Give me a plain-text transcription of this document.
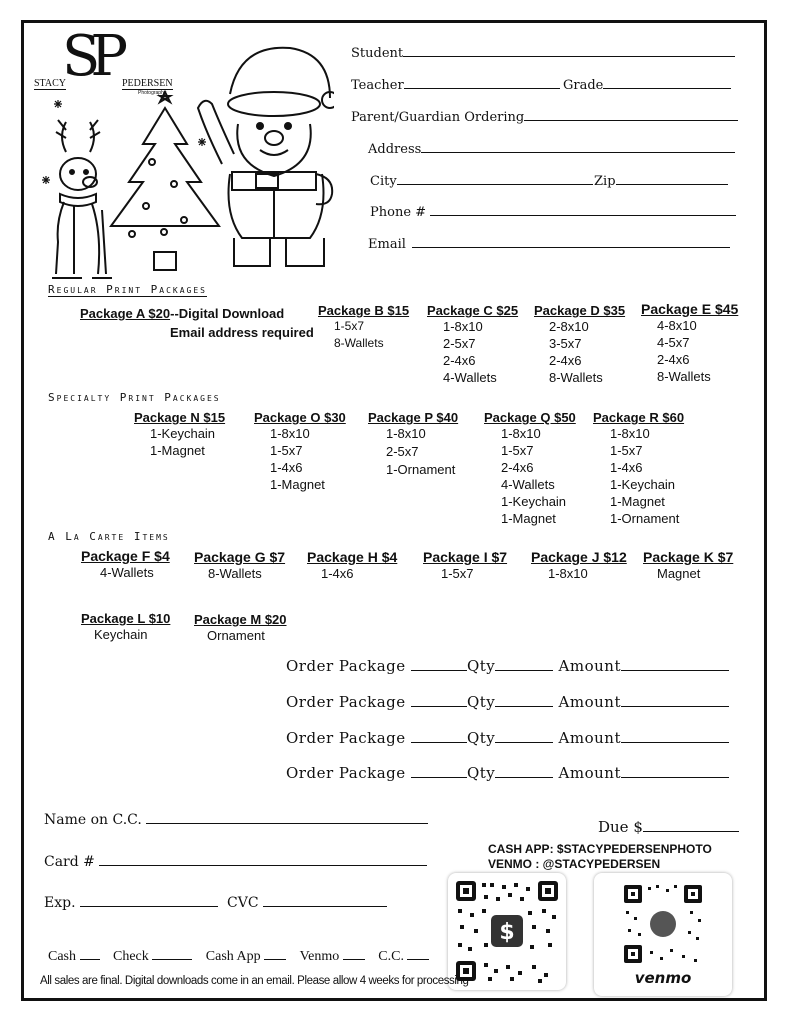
SP
STACY	PEDERSEN
Photography
Student
Teacher	Grade
Parent/Guardian Ordering
Address
City	Zip
Phone #
Email
Regular Print Packages
Package A $20--Digital Download
Email address required
Package B $15
1-5x7
8-Wallets
Package C $25
1-8x10
2-5x7
2-4x6
4-Wallets
Package D $35
2-8x10
3-5x7
2-4x6
8-Wallets
Package E $45
4-8x10
4-5x7
2-4x6
8-Wallets
Specialty Print Packages
Package N $15
1-Keychain
1-Magnet
Package O $30
1-8x10
1-5x7
1-4x6
1-Magnet
Package P $40
1-8x10
2-5x7
1-Ornament
Package Q $50
1-8x10
1-5x7
2-4x6
4-Wallets
1-Keychain
1-Magnet
Package R $60
1-8x10
1-5x7
1-4x6
1-Keychain
1-Magnet
1-Ornament
A La Carte Items
Package F $4
4-Wallets
Package G $7
8-Wallets
Package H $4
1-4x6
Package I $7
1-5x7
Package J $12
1-8x10
Package K $7
Magnet
Package L $10
Keychain
Package M $20
Ornament
Order Package	Qty	Amount
Order Package	Qty	Amount
Order Package	Qty	Amount
Order Package	Qty	Amount
Name on C.C.
Card #
Exp.	CVC
Due $
CASH APP: $STACYPEDERSENPHOTO
VENMO : @STACYPEDERSEN
$
venmo
Cash	Check	Cash App	Venmo	C.C.
All sales are final. Digital downloads come in an email. Please allow 4 weeks for processing
